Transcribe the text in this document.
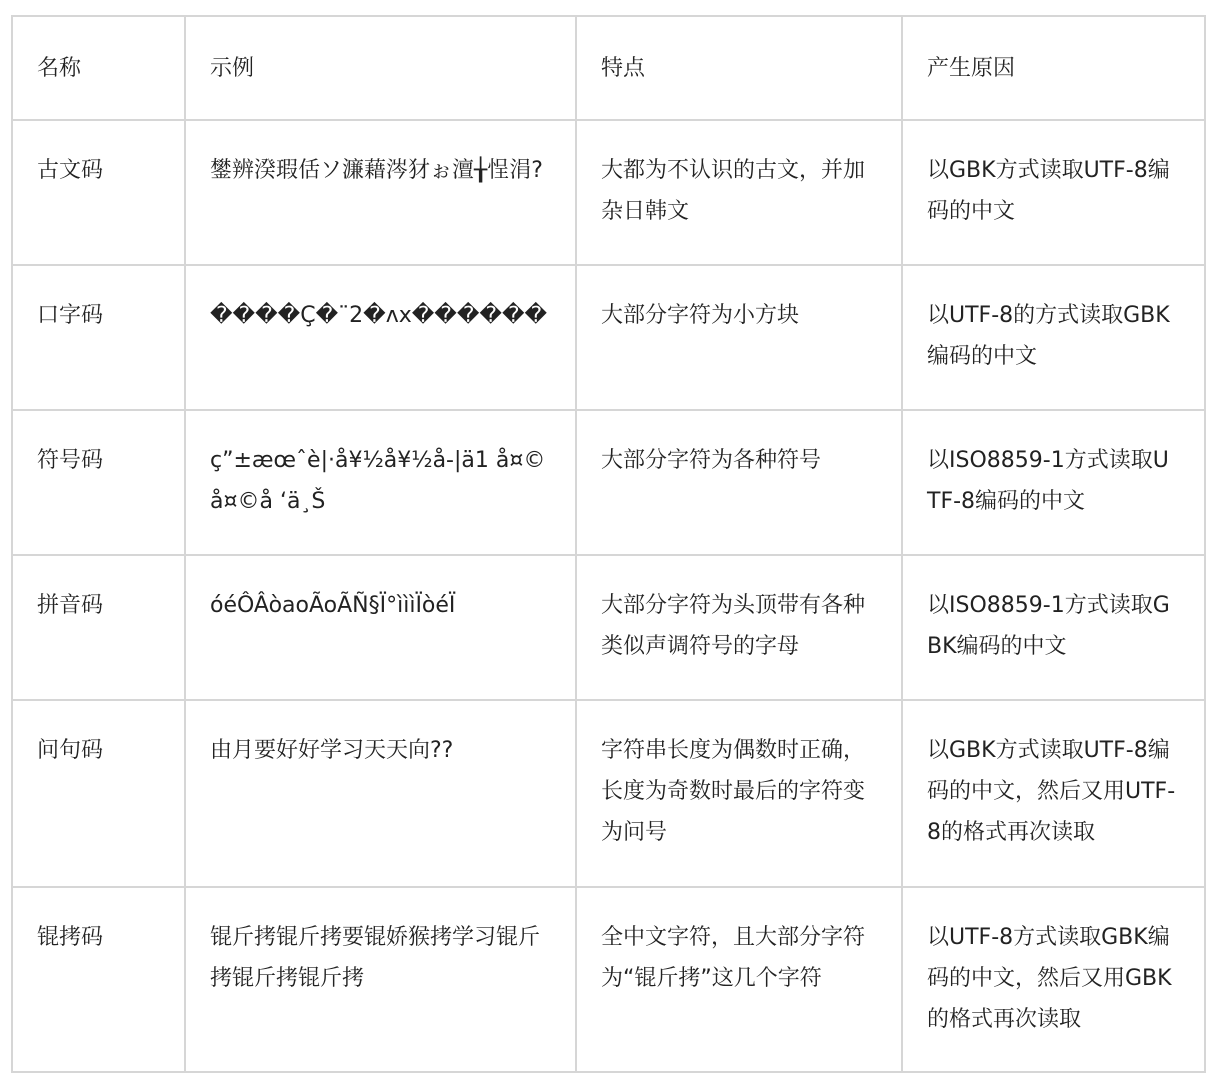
名称	示例	特点	产生原因
古文码	鐢辨湀瑕佸ソ濂藉涔犲ぉ澶╁悜涓?	大都为不认识的古文，并加杂日韩文	以GBK方式读取UTF-8编码的中文
口字码	����Ç�¨2�ʌx������	大部分字符为小方块	以UTF-8的方式读取GBK编码的中文
符号码	ç”±æœˆè|·å¥½å¥½å-|ä1 å¤©å¤©å ‘ä¸Š	大部分字符为各种符号	以ISO8859-1方式读取UTF-8编码的中文
拼音码	óéÔÂòaoÃoÃÑ§Ï°ìììÏòéÏ	大部分字符为头顶带有各种类似声调符号的字母	以ISO8859-1方式读取GBK编码的中文
问句码	由月要好好学习天天向??	字符串长度为偶数时正确，长度为奇数时最后的字符变为问号	以GBK方式读取UTF-8编码的中文，然后又用UTF-8的格式再次读取
锟拷码	锟斤拷锟斤拷要锟娇猴拷学习锟斤拷锟斤拷锟斤拷	全中文字符，且大部分字符为“锟斤拷”这几个字符	以UTF-8方式读取GBK编码的中文，然后又用GBK的格式再次读取
